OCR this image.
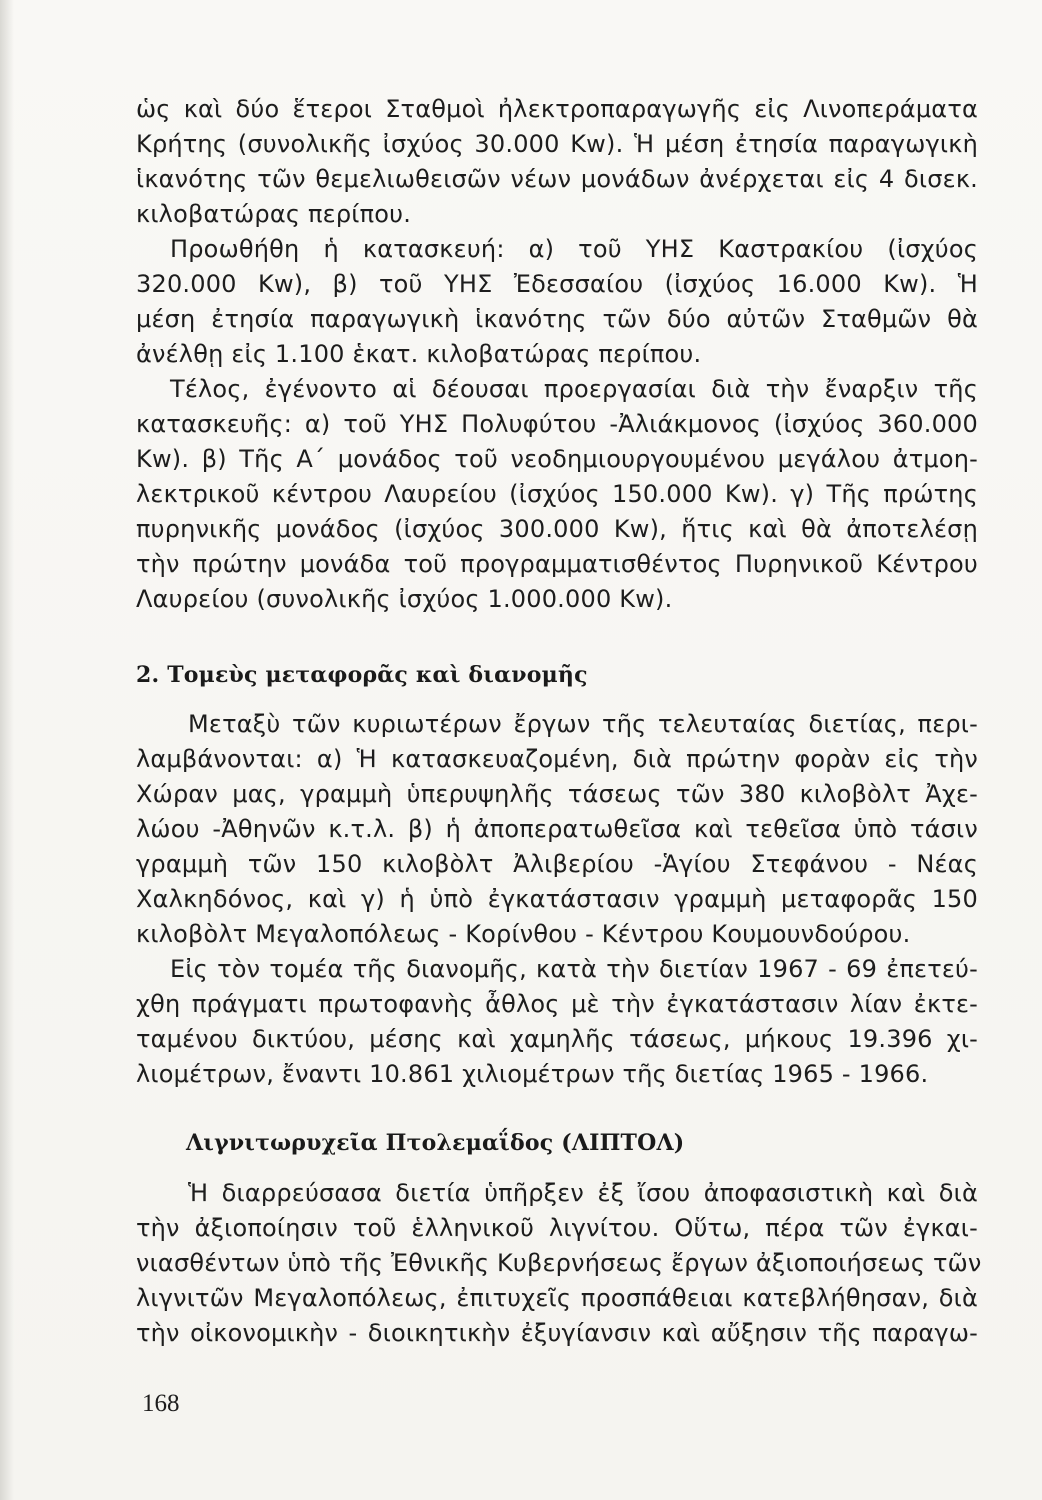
ὡς καὶ δύο ἕτεροι Σταθμοὶ ἠλεκτροπαραγωγῆς εἰς Λινοπεράματα
Κρήτης (συνολικῆς ἰσχύος 30.000 Kw). Ἡ μέση ἐτησία παραγωγικὴ
ἱκανότης τῶν θεμελιωθεισῶν νέων μονάδων ἀνέρχεται εἰς 4 δισεκ.
κιλοβατώρας περίπου.
Προωθήθη ἡ κατασκευή: α) τοῦ ΥΗΣ Καστρακίου (ἰσχύος
320.000 Kw), β) τοῦ ΥΗΣ Ἐδεσσαίου (ἰσχύος 16.000 Kw). Ἡ
μέση ἐτησία παραγωγικὴ ἱκανότης τῶν δύο αὐτῶν Σταθμῶν θὰ
ἀνέλθῃ εἰς 1.100 ἑκατ. κιλοβατώρας περίπου.
Τέλος, ἐγένοντο αἱ δέουσαι προεργασίαι διὰ τὴν ἔναρξιν τῆς
κατασκευῆς: α) τοῦ ΥΗΣ Πολυφύτου -Ἀλιάκμονος (ἰσχύος 360.000
Kw). β) Τῆς Α΄ μονάδος τοῦ νεοδημιουργουμένου μεγάλου ἀτμοη-
λεκτρικοῦ κέντρου Λαυρείου (ἰσχύος 150.000 Kw). γ) Τῆς πρώτης
πυρηνικῆς μονάδος (ἰσχύος 300.000 Kw), ἥτις καὶ θὰ ἀποτελέσῃ
τὴν πρώτην μονάδα τοῦ προγραμματισθέντος Πυρηνικοῦ Κέντρου
Λαυρείου (συνολικῆς ἰσχύος 1.000.000 Kw).
2. Τομεὺς μεταφορᾶς καὶ διανομῆς
Μεταξὺ τῶν κυριωτέρων ἔργων τῆς τελευταίας διετίας, περι-
λαμβάνονται: α) Ἡ κατασκευαζομένη, διὰ πρώτην φορὰν εἰς τὴν
Χώραν μας, γραμμὴ ὑπερυψηλῆς τάσεως τῶν 380 κιλοβὸλτ Ἀχε-
λώου -Ἀθηνῶν κ.τ.λ. β) ἡ ἀποπερατωθεῖσα καὶ τεθεῖσα ὑπὸ τάσιν
γραμμὴ τῶν 150 κιλοβὸλτ Ἀλιβερίου -Ἁγίου Στεφάνου - Νέας
Χαλκηδόνος, καὶ γ) ἡ ὑπὸ ἐγκατάστασιν γραμμὴ μεταφορᾶς 150
κιλοβὸλτ Μεγαλοπόλεως - Κορίνθου - Κέντρου Κουμουνδούρου.
Εἰς τὸν τομέα τῆς διανομῆς, κατὰ τὴν διετίαν 1967 - 69 ἐπετεύ-
χθη πράγματι πρωτοφανὴς ἆθλος μὲ τὴν ἐγκατάστασιν λίαν ἐκτε-
ταμένου δικτύου, μέσης καὶ χαμηλῆς τάσεως, μήκους 19.396 χι-
λιομέτρων, ἔναντι 10.861 χιλιομέτρων τῆς διετίας 1965 - 1966.
Λιγνιτωρυχεῖα Πτολεμαΐδος (ΛΙΠΤΟΛ)
Ἡ διαρρεύσασα διετία ὑπῆρξεν ἐξ ἴσου ἀποφασιστικὴ καὶ διὰ
τὴν ἀξιοποίησιν τοῦ ἑλληνικοῦ λιγνίτου. Οὕτω, πέρα τῶν ἐγκαι-
νιασθέντων ὑπὸ τῆς Ἐθνικῆς Κυβερνήσεως ἔργων ἀξιοποιήσεως τῶν
λιγνιτῶν Μεγαλοπόλεως, ἐπιτυχεῖς προσπάθειαι κατεβλήθησαν, διὰ
τὴν οἰκονομικὴν - διοικητικὴν ἐξυγίανσιν καὶ αὔξησιν τῆς παραγω-
168
